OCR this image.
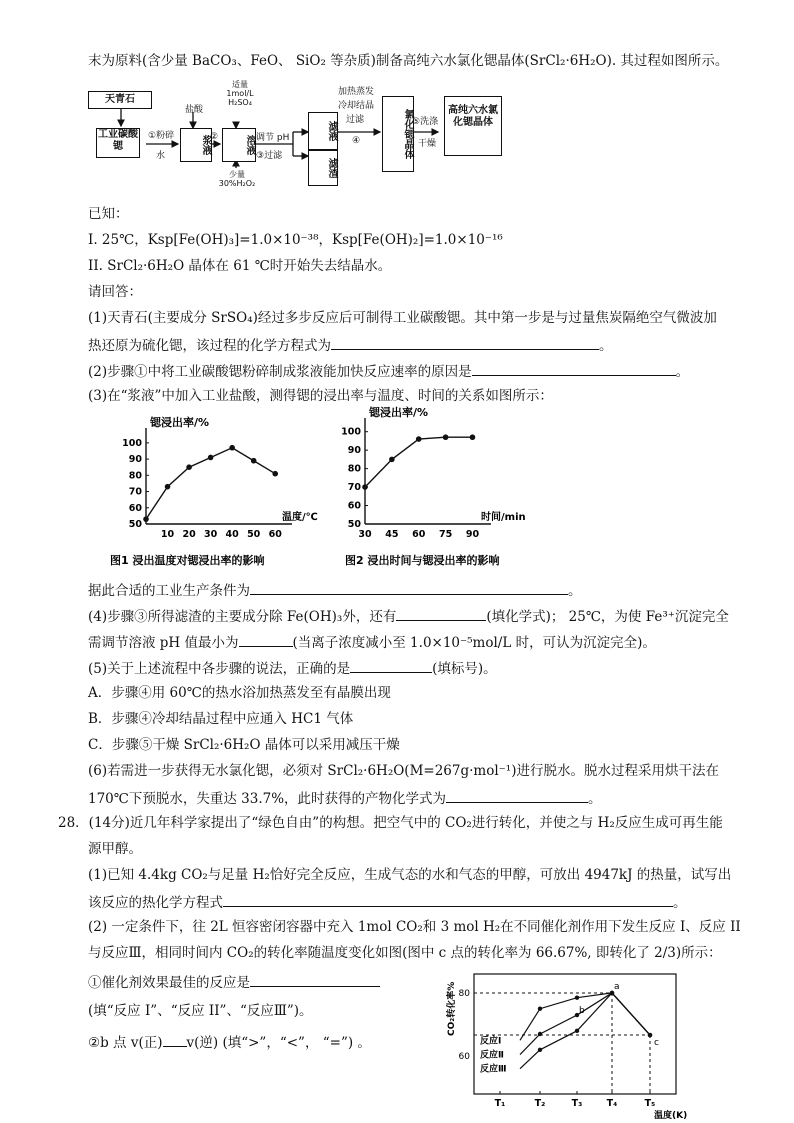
末为原料(含少量 BaCO₃、FeO、 SiO₂ 等杂质)制备高纯六水氯化锶晶体(SrCl₂·6H₂O). 其过程如图所示。
天青石
工业碳酸锶
①粉碎
水
盐酸
浆液 ②
适量 1mol/L H₂SO₄
溶液
少量 30%H₂O₂
调节 pH
③过滤
滤液
滤渣
加热蒸发
冷却结晶
过滤
④	氯化锶晶体 ⑤洗涤
干燥
高纯六水氯化锶晶体
已知：
I. 25℃，Ksp[Fe(OH)₃]=1.0×10⁻³⁸，Ksp[Fe(OH)₂]=1.0×10⁻¹⁶
II. SrCl₂·6H₂O 晶体在 61 ℃时开始失去结晶水。
请回答：
(1)天青石(主要成分 SrSO₄)经过多步反应后可制得工业碳酸锶。其中第一步是与过量焦炭隔绝空气微波加
热还原为硫化锶，该过程的化学方程式为	。
(2)步骤①中将工业碳酸锶粉碎制成浆液能加快反应速率的原因是	。
(3)在“浆液”中加入工业盐酸，测得锶的浸出率与温度、时间的关系如图所示：
锶浸出率/%
温度/℃
50
60
70
80
90
100
10 20 30 40 50 60
图1 浸出温度对锶浸出率的影响
锶浸出率/%
时间/min
50
60
70
80
90
100
30 45 60 75 90
图2 浸出时间与锶浸出率的影响
据此合适的工业生产条件为	。
(4)步骤③所得滤渣的主要成分除 Fe(OH)₃外，还有	(填化学式)； 25℃，为使 Fe³⁺沉淀完全
需调节溶液 pH 值最小为	(当离子浓度减小至 1.0×10⁻⁵mol/L 时，可认为沉淀完全)。
(5)关于上述流程中各步骤的说法，正确的是	(填标号)。
A．步骤④用 60℃的热水浴加热蒸发至有晶膜出现
B．步骤④冷却结晶过程中应通入 HC1 气体
C．步骤⑤干燥 SrCl₂·6H₂O 晶体可以采用减压干燥
(6)若需进一步获得无水氯化锶，必须对 SrCl₂·6H₂O(M=267g·mol⁻¹)进行脱水。脱水过程采用烘干法在
170℃下预脱水，失重达 33.7%，此时获得的产物化学式为	。
28．(14分)近几年科学家提出了“绿色自由”的构想。把空气中的 CO₂进行转化，并使之与 H₂反应生成可再生能
源甲醇。
(1)已知 4.4kg CO₂与足量 H₂恰好完全反应，生成气态的水和气态的甲醇，可放出 4947kJ 的热量，试写出
该反应的热化学方程式	。
(2) 一定条件下，往 2L 恒容密闭容器中充入 1mol CO₂和 3 mol H₂在不同催化剂作用下发生反应 I、反应 II
与反应Ⅲ，相同时间内 CO₂的转化率随温度变化如图(图中 c 点的转化率为 66.67%, 即转化了 2/3)所示：
①催化剂效果最佳的反应是
(填“反应 I”、“反应 II”、“反应Ⅲ”)。
②b 点 v(正) v(逆) (填“>”，“<”， “=”) 。
CO₂转化率%
60
80
T₁	T₂	T₃	T₄	T₅
温度(K)
反应Ⅰ
反应Ⅱ
反应Ⅲ
a
b
c
